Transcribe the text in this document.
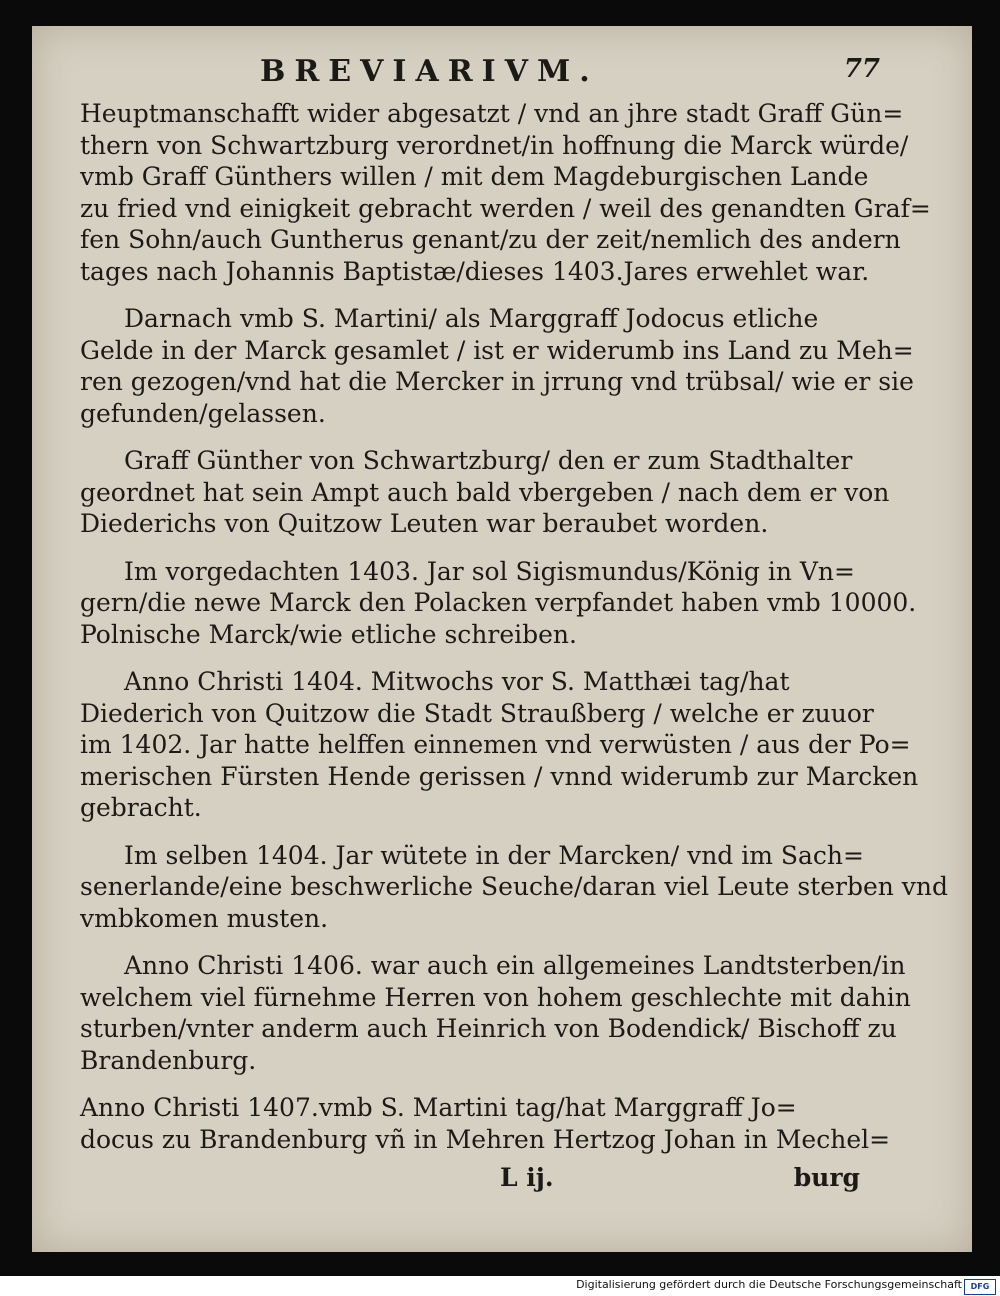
BREVIARIVM.	77

Heuptmanschafft wider abgesatzt / vnd an jhre stadt Graff Gün=
thern von Schwartzburg verordnet/in hoffnung die Marck würde/
vmb Graff Günthers willen / mit dem Magdeburgischen Lande
zu fried vnd einigkeit gebracht werden / weil des genandten Graf=
fen Sohn/auch Guntherus genant/zu der zeit/nemlich des andern
tages nach Johannis Baptistæ/dieses 1403.Jares erwehlet war.

Darnach vmb S. Martini/ als Marggraff Jodocus etliche
Gelde in der Marck gesamlet / ist er widerumb ins Land zu Meh=
ren gezogen/vnd hat die Mercker in jrrung vnd trübsal/ wie er sie
gefunden/gelassen.

Graff Günther von Schwartzburg/ den er zum Stadthalter
geordnet hat sein Ampt auch bald vbergeben / nach dem er von
Diederichs von Quitzow Leuten war beraubet worden.

Im vorgedachten 1403. Jar sol Sigismundus/König in Vn=
gern/die newe Marck den Polacken verpfandet haben vmb 10000.
Polnische Marck/wie etliche schreiben.

Anno Christi 1404. Mitwochs vor S. Matthæi tag/hat
Diederich von Quitzow die Stadt Straußberg / welche er zuuor
im 1402. Jar hatte helffen einnemen vnd verwüsten / aus der Po=
merischen Fürsten Hende gerissen / vnnd widerumb zur Marcken
gebracht.

Im selben 1404. Jar wütete in der Marcken/ vnd im Sach=
senerlande/eine beschwerliche Seuche/daran viel Leute sterben vnd
vmbkomen musten.

Anno Christi 1406. war auch ein allgemeines Landtsterben/in
welchem viel fürnehme Herren von hohem geschlechte mit dahin
sturben/vnter anderm auch Heinrich von Bodendick/ Bischoff zu
Brandenburg.

Anno Christi 1407.vmb S. Martini tag/hat Marggraff Jo=
docus zu Brandenburg vñ in Mehren Hertzog Johan in Mechel=

L ij.	burg
Digitalisierung gefördert durch die Deutsche Forschungsgemeinschaft	DFG
